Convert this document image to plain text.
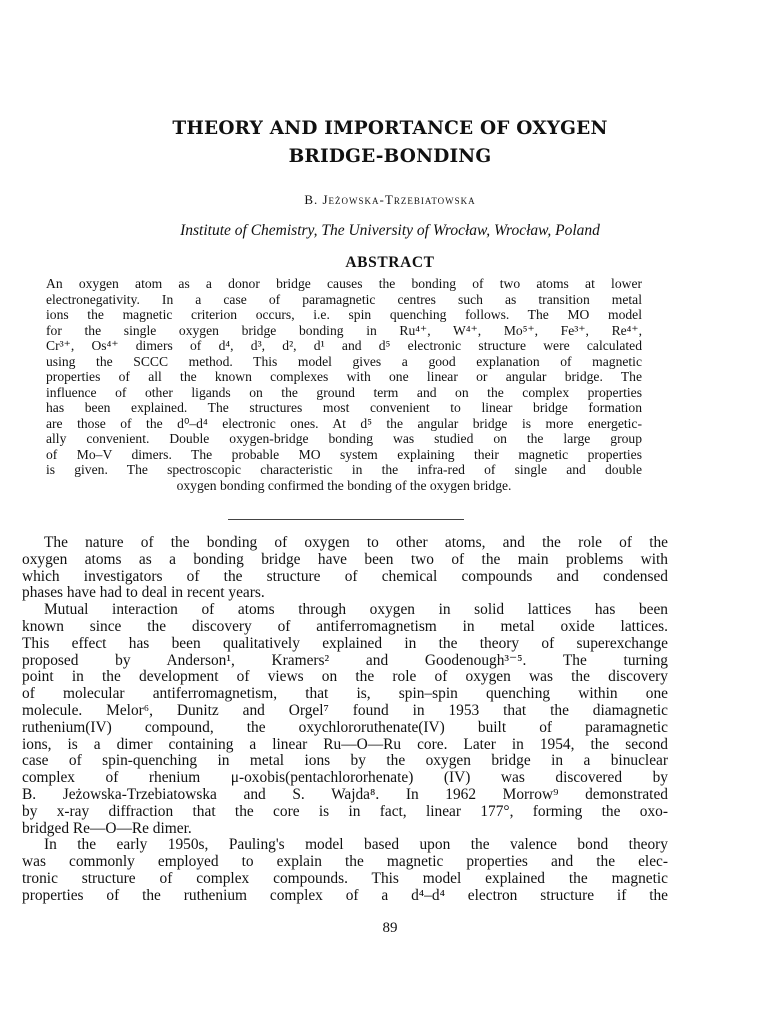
THEORY AND IMPORTANCE OF OXYGEN
BRIDGE-BONDING
B. Jeżowska-Trzebiatowska
Institute of Chemistry, The University of Wrocław, Wrocław, Poland
ABSTRACT
An oxygen atom as a donor bridge causes the bonding of two atoms at lower
electronegativity. In a case of paramagnetic centres such as transition metal
ions the magnetic criterion occurs, i.e. spin quenching follows. The MO model
for the single oxygen bridge bonding in Ru⁴⁺, W⁴⁺, Mo⁵⁺, Fe³⁺, Re⁴⁺,
Cr³⁺, Os⁴⁺ dimers of d⁴, d³, d², d¹ and d⁵ electronic structure were calculated
using the SCCC method. This model gives a good explanation of magnetic
properties of all the known complexes with one linear or angular bridge. The
influence of other ligands on the ground term and on the complex properties
has been explained. The structures most convenient to linear bridge formation
are those of the d⁰–d⁴ electronic ones. At d⁵ the angular bridge is more energetic-
ally convenient. Double oxygen-bridge bonding was studied on the large group
of Mo–V dimers. The probable MO system explaining their magnetic properties
is given. The spectroscopic characteristic in the infra-red of single and double
oxygen bonding confirmed the bonding of the oxygen bridge.
The nature of the bonding of oxygen to other atoms, and the role of the
oxygen atoms as a bonding bridge have been two of the main problems with
which investigators of the structure of chemical compounds and condensed
phases have had to deal in recent years.
Mutual interaction of atoms through oxygen in solid lattices has been
known since the discovery of antiferromagnetism in metal oxide lattices.
This effect has been qualitatively explained in the theory of superexchange
proposed by Anderson¹, Kramers² and Goodenough³⁻⁵. The turning
point in the development of views on the role of oxygen was the discovery
of molecular antiferromagnetism, that is, spin–spin quenching within one
molecule. Melor⁶, Dunitz and Orgel⁷ found in 1953 that the diamagnetic
ruthenium(IV) compound, the oxychlororuthenate(IV) built of paramagnetic
ions, is a dimer containing a linear Ru—O—Ru core. Later in 1954, the second
case of spin-quenching in metal ions by the oxygen bridge in a binuclear
complex of rhenium μ-oxobis(pentachlororhenate) (IV) was discovered by
B. Jeżowska-Trzebiatowska and S. Wajda⁸. In 1962 Morrow⁹ demonstrated
by x-ray diffraction that the core is in fact, linear 177°, forming the oxo-
bridged Re—O—Re dimer.
In the early 1950s, Pauling's model based upon the valence bond theory
was commonly employed to explain the magnetic properties and the elec-
tronic structure of complex compounds. This model explained the magnetic
properties of the ruthenium complex of a d⁴–d⁴ electron structure if the
89
